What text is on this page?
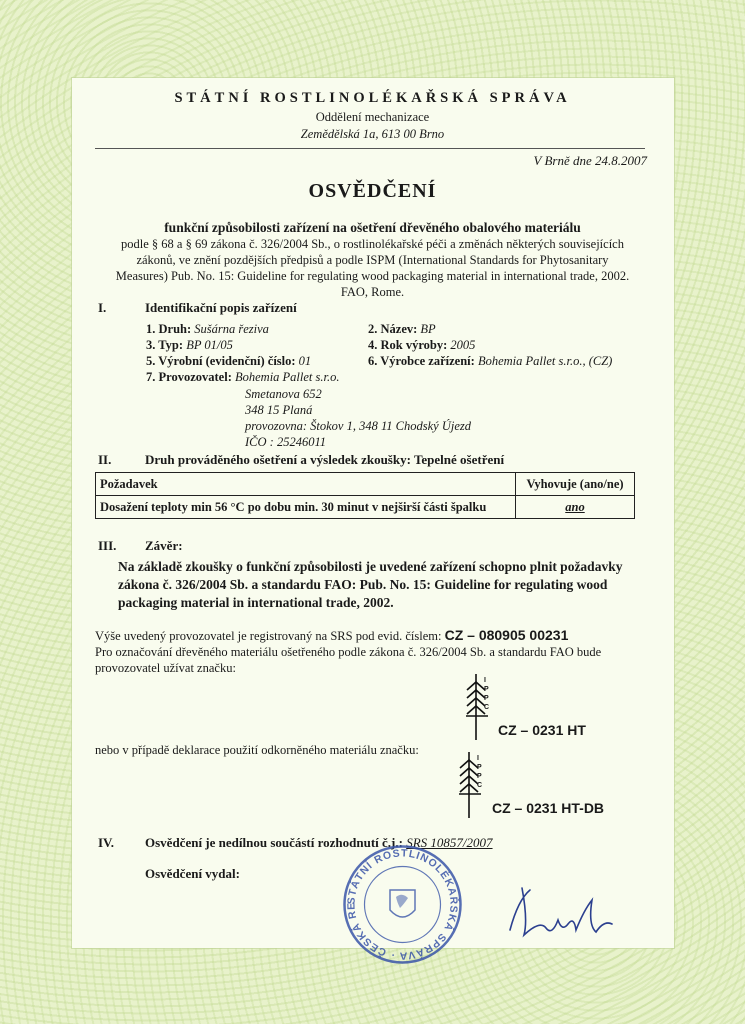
STÁTNÍ ROSTLINOLÉKAŘSKÁ SPRÁVA
Oddělení mechanizace
Zemědělská 1a, 613 00 Brno
V Brně dne 24.8.2007
OSVĚDČENÍ
funkční způsobilosti zařízení na ošetření dřevěného obalového materiálu
podle § 68 a § 69 zákona č. 326/2004 Sb., o rostlinolékařské péči a změnách některých souvisejících
zákonů, ve znění pozdějších předpisů a podle ISPM (International Standards for Phytosanitary
Measures) Pub. No. 15: Guideline for regulating wood packaging material in international trade, 2002.
FAO, Rome.
I.	Identifikační popis zařízení
1. Druh: Sušárna řeziva	2. Název: BP
3. Typ: BP 01/05	4. Rok výroby: 2005
5. Výrobní (evidenční) číslo: 01	6. Výrobce zařízení: Bohemia Pallet s.r.o., (CZ)
7. Provozovatel: Bohemia Pallet s.r.o.
Smetanova 652
348 15 Planá
provozovna: Štokov 1, 348 11 Chodský Újezd
IČO : 25246011
II.	Druh prováděného ošetření a výsledek zkoušky: Tepelné ošetření
Požadavek	Vyhovuje (ano/ne)
Dosažení teploty min 56 °C po dobu min. 30 minut v nejširší části špalku	ano
III. Závěr:
Na základě zkoušky o funkční způsobilosti je uvedené zařízení schopno plnit požadavky
zákona č. 326/2004 Sb. a standardu FAO: Pub. No. 15: Guideline for regulating wood
packaging material in international trade, 2002.
Výše uvedený provozovatel je registrovaný na SRS pod evid. číslem: CZ – 080905 00231
Pro označování dřevěného materiálu ošetřeného podle zákona č. 326/2004 Sb. a standardu FAO bude
provozovatel užívat značku:
I
P
P
C
CZ – 0231 HT
nebo v případě deklarace použití odkorněného materiálu značku:
I
P
P
C
CZ – 0231 HT-DB
IV. Osvědčení je nedílnou součástí rozhodnutí č.j.: SRS 10857/2007
Osvědčení vydal:
STÁTNÍ ROSTLINOLÉKAŘSKÁ SPRÁVA · ČESKÁ RE
